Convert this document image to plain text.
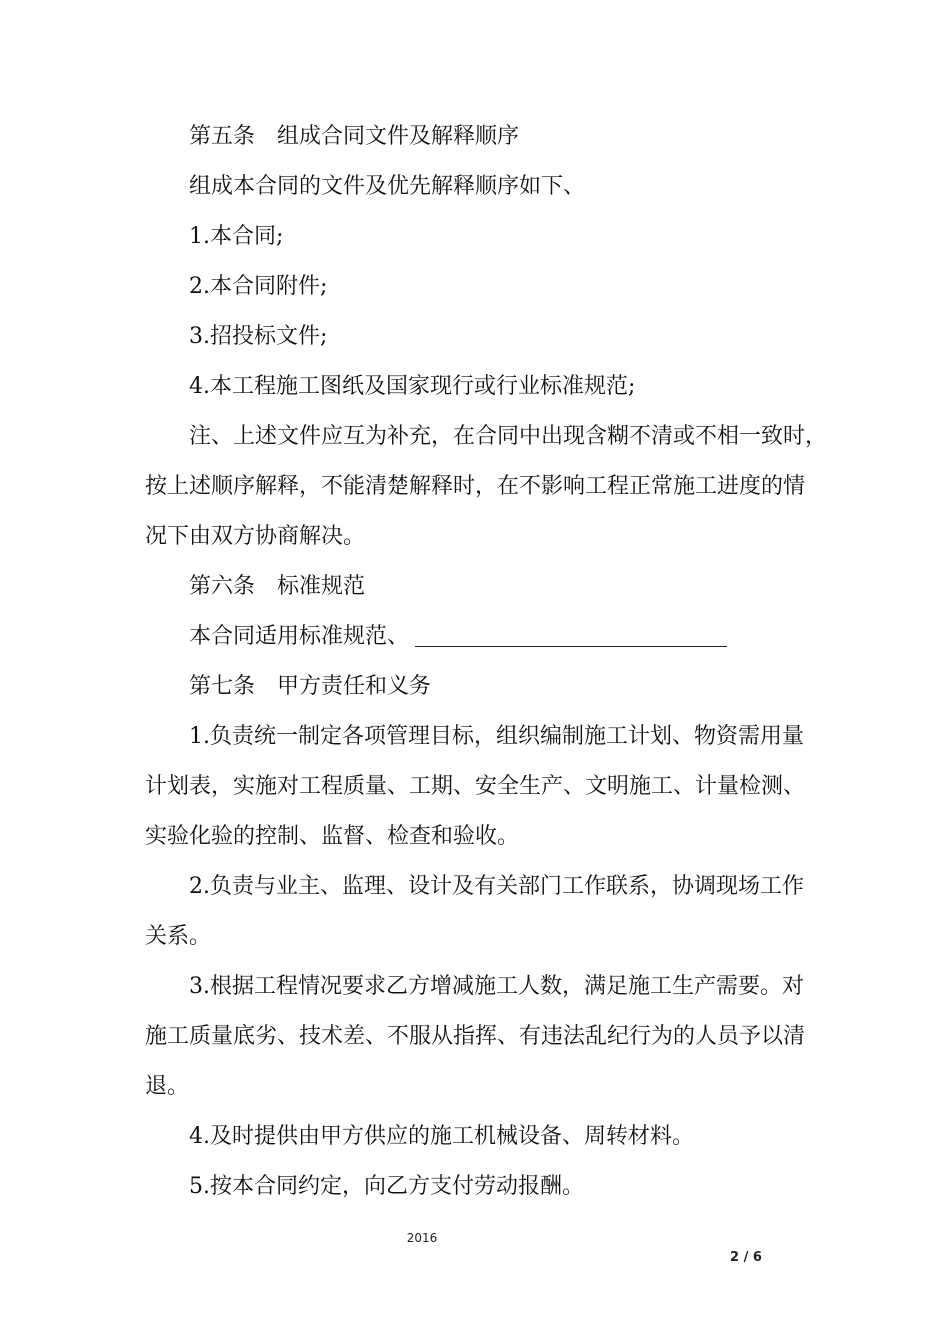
第五条 组成合同文件及解释顺序
组成本合同的文件及优先解释顺序如下、
1.本合同;
2.本合同附件;
3.招投标文件;
4.本工程施工图纸及国家现行或行业标准规范;
注、上述文件应互为补充，在合同中出现含糊不清或不相一致时，
按上述顺序解释，不能清楚解释时，在不影响工程正常施工进度的情
况下由双方协商解决。
第六条 标准规范
本合同适用标准规范、
第七条 甲方责任和义务
1.负责统一制定各项管理目标，组织编制施工计划、物资需用量
计划表，实施对工程质量、工期、安全生产、文明施工、计量检测、
实验化验的控制、监督、检查和验收。
2.负责与业主、监理、设计及有关部门工作联系，协调现场工作
关系。
3.根据工程情况要求乙方增减施工人数，满足施工生产需要。对
施工质量底劣、技术差、不服从指挥、有违法乱纪行为的人员予以清
退。
4.及时提供由甲方供应的施工机械设备、周转材料。
5.按本合同约定，向乙方支付劳动报酬。
2016
2 / 6
